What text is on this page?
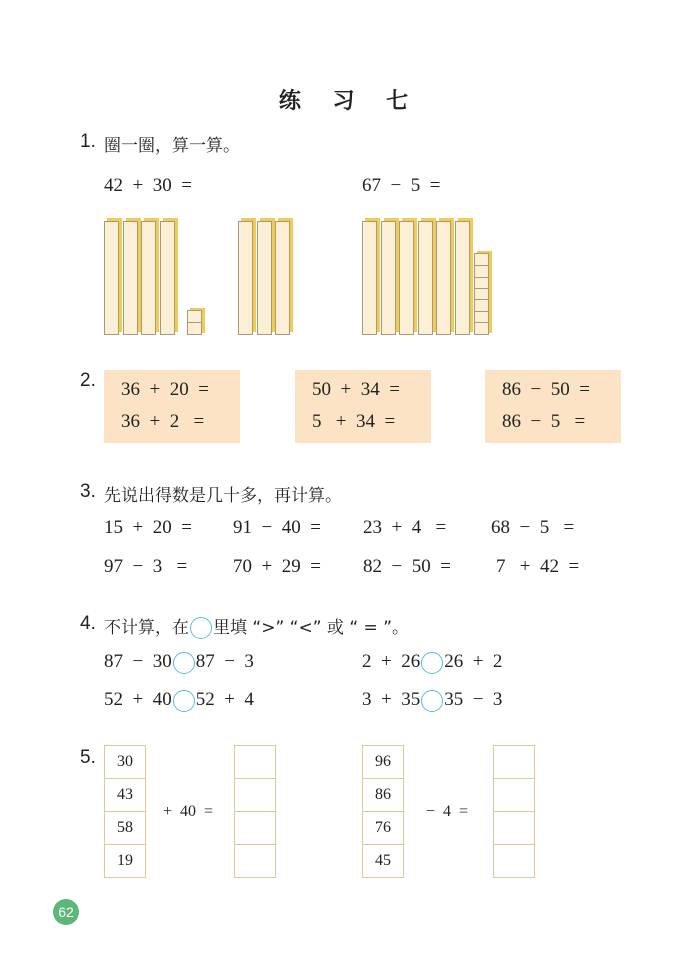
练 习 七
1. 圈一圈，算一算。
42  +  30  =	67  −  5  =
2. 36  +  20  =
36  +  2   =
50  +  34  =
5   +  34  =
86  −  50  =
86  −  5   =
3. 先说出得数是几十多，再计算。
15  +  20  = 91  −  40  = 23  +  4   = 68  −  5   =
97  −  3   = 70  +  29  = 82  −  50  = 7   +  42  =
4. 不计算，在 里填 “>” “<” 或 “ = ”。
87  −  30 87  −  3	2  +  26 26  +  2
52  +  40 52  +  4	3  +  35 35  −  3
5.	30
43
58
19
+  40  =
96
86
76
45
−  4  =
62
